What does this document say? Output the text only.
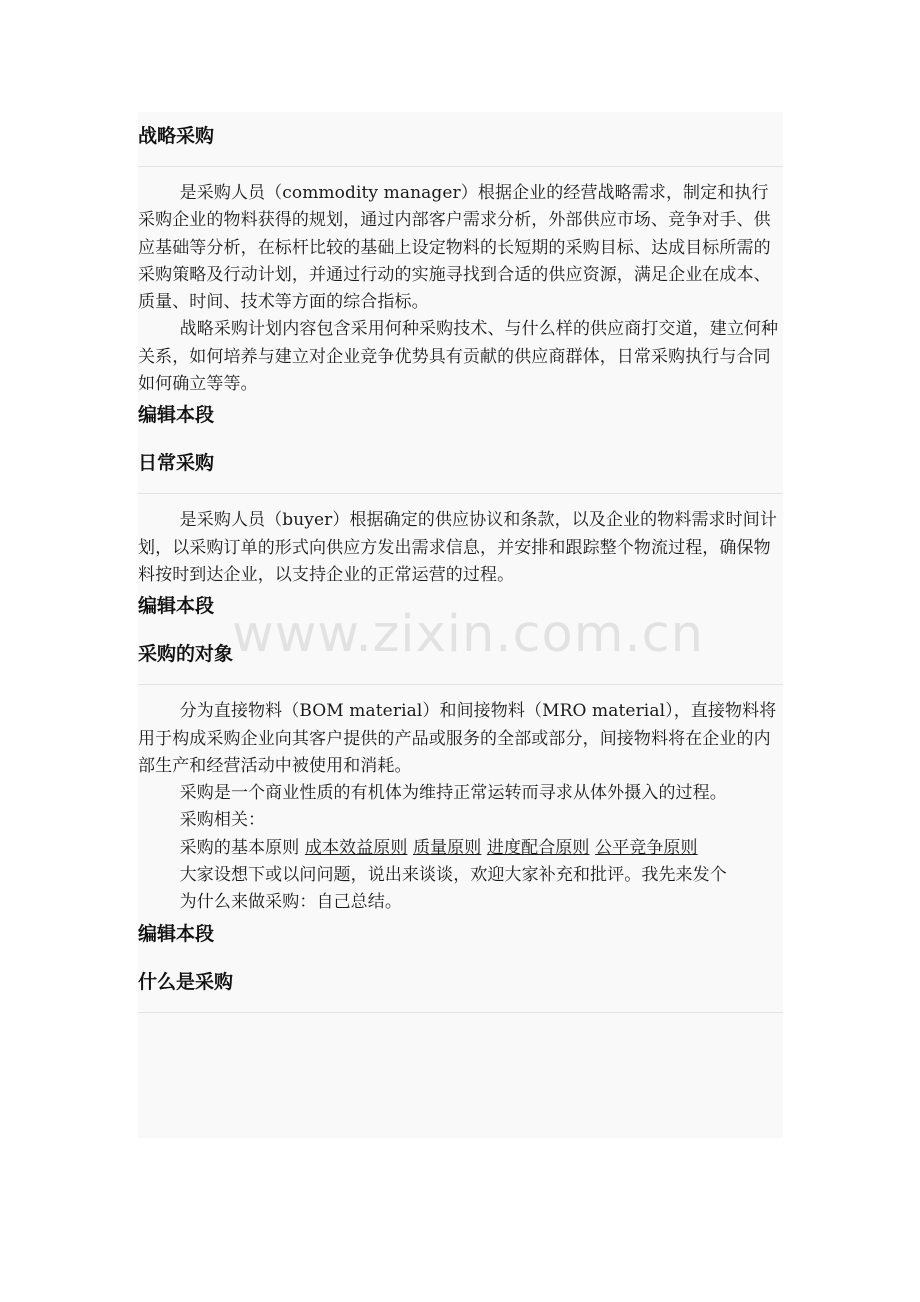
战略采购

是采购人员（commodity manager）根据企业的经营战略需求，制定和执行采购企业的物料获得的规划，通过内部客户需求分析，外部供应市场、竞争对手、供应基础等分析，在标杆比较的基础上设定物料的长短期的采购目标、达成目标所需的采购策略及行动计划，并通过行动的实施寻找到合适的供应资源，满足企业在成本、质量、时间、技术等方面的综合指标。

战略采购计划内容包含采用何种采购技术、与什么样的供应商打交道，建立何种关系，如何培养与建立对企业竞争优势具有贡献的供应商群体，日常采购执行与合同如何确立等等。

编辑本段
日常采购

是采购人员（buyer）根据确定的供应协议和条款，以及企业的物料需求时间计划，以采购订单的形式向供应方发出需求信息，并安排和跟踪整个物流过程，确保物料按时到达企业，以支持企业的正常运营的过程。

编辑本段
采购的对象

分为直接物料（BOM material）和间接物料（MRO material），直接物料将用于构成采购企业向其客户提供的产品或服务的全部或部分，间接物料将在企业的内部生产和经营活动中被使用和消耗。

采购是一个商业性质的有机体为维持正常运转而寻求从体外摄入的过程。

采购相关：

采购的基本原则 成本效益原则 质量原则 进度配合原则 公平竞争原则

大家设想下或以问问题，说出来谈谈，欢迎大家补充和批评。我先来发个

为什么来做采购：自己总结。

编辑本段
什么是采购
